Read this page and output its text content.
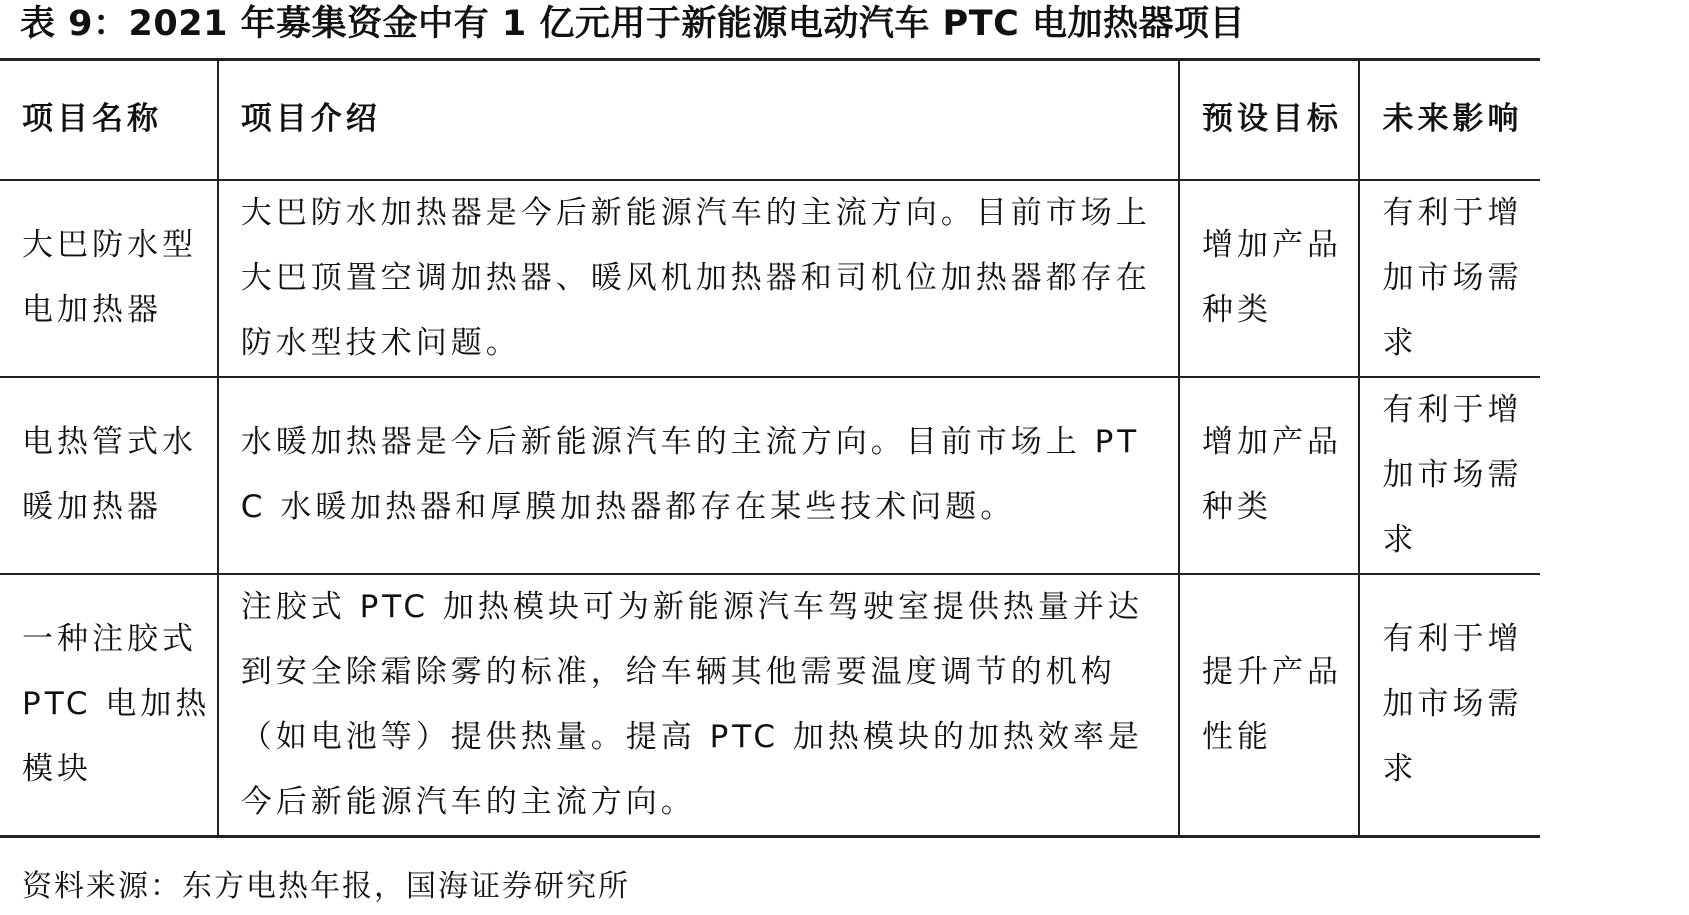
表 9：2021 年募集资金中有 1 亿元用于新能源电动汽车 PTC 电加热器项目
项目名称	项目介绍	预设目标	未来影响
大巴防水型电加热器	大巴防水加热器是今后新能源汽车的主流方向。目前市场上大巴顶置空调加热器、暖风机加热器和司机位加热器都存在防水型技术问题。	增加产品种类	有利于增加市场需求
电热管式水暖加热器	水暖加热器是今后新能源汽车的主流方向。目前市场上 PTC 水暖加热器和厚膜加热器都存在某些技术问题。	增加产品种类	有利于增加市场需求
一种注胶式 PTC 电加热模块	注胶式 PTC 加热模块可为新能源汽车驾驶室提供热量并达到安全除霜除雾的标准，给车辆其他需要温度调节的机构（如电池等）提供热量。提高 PTC 加热模块的加热效率是今后新能源汽车的主流方向。	提升产品性能	有利于增加市场需求
资料来源：东方电热年报，国海证券研究所
